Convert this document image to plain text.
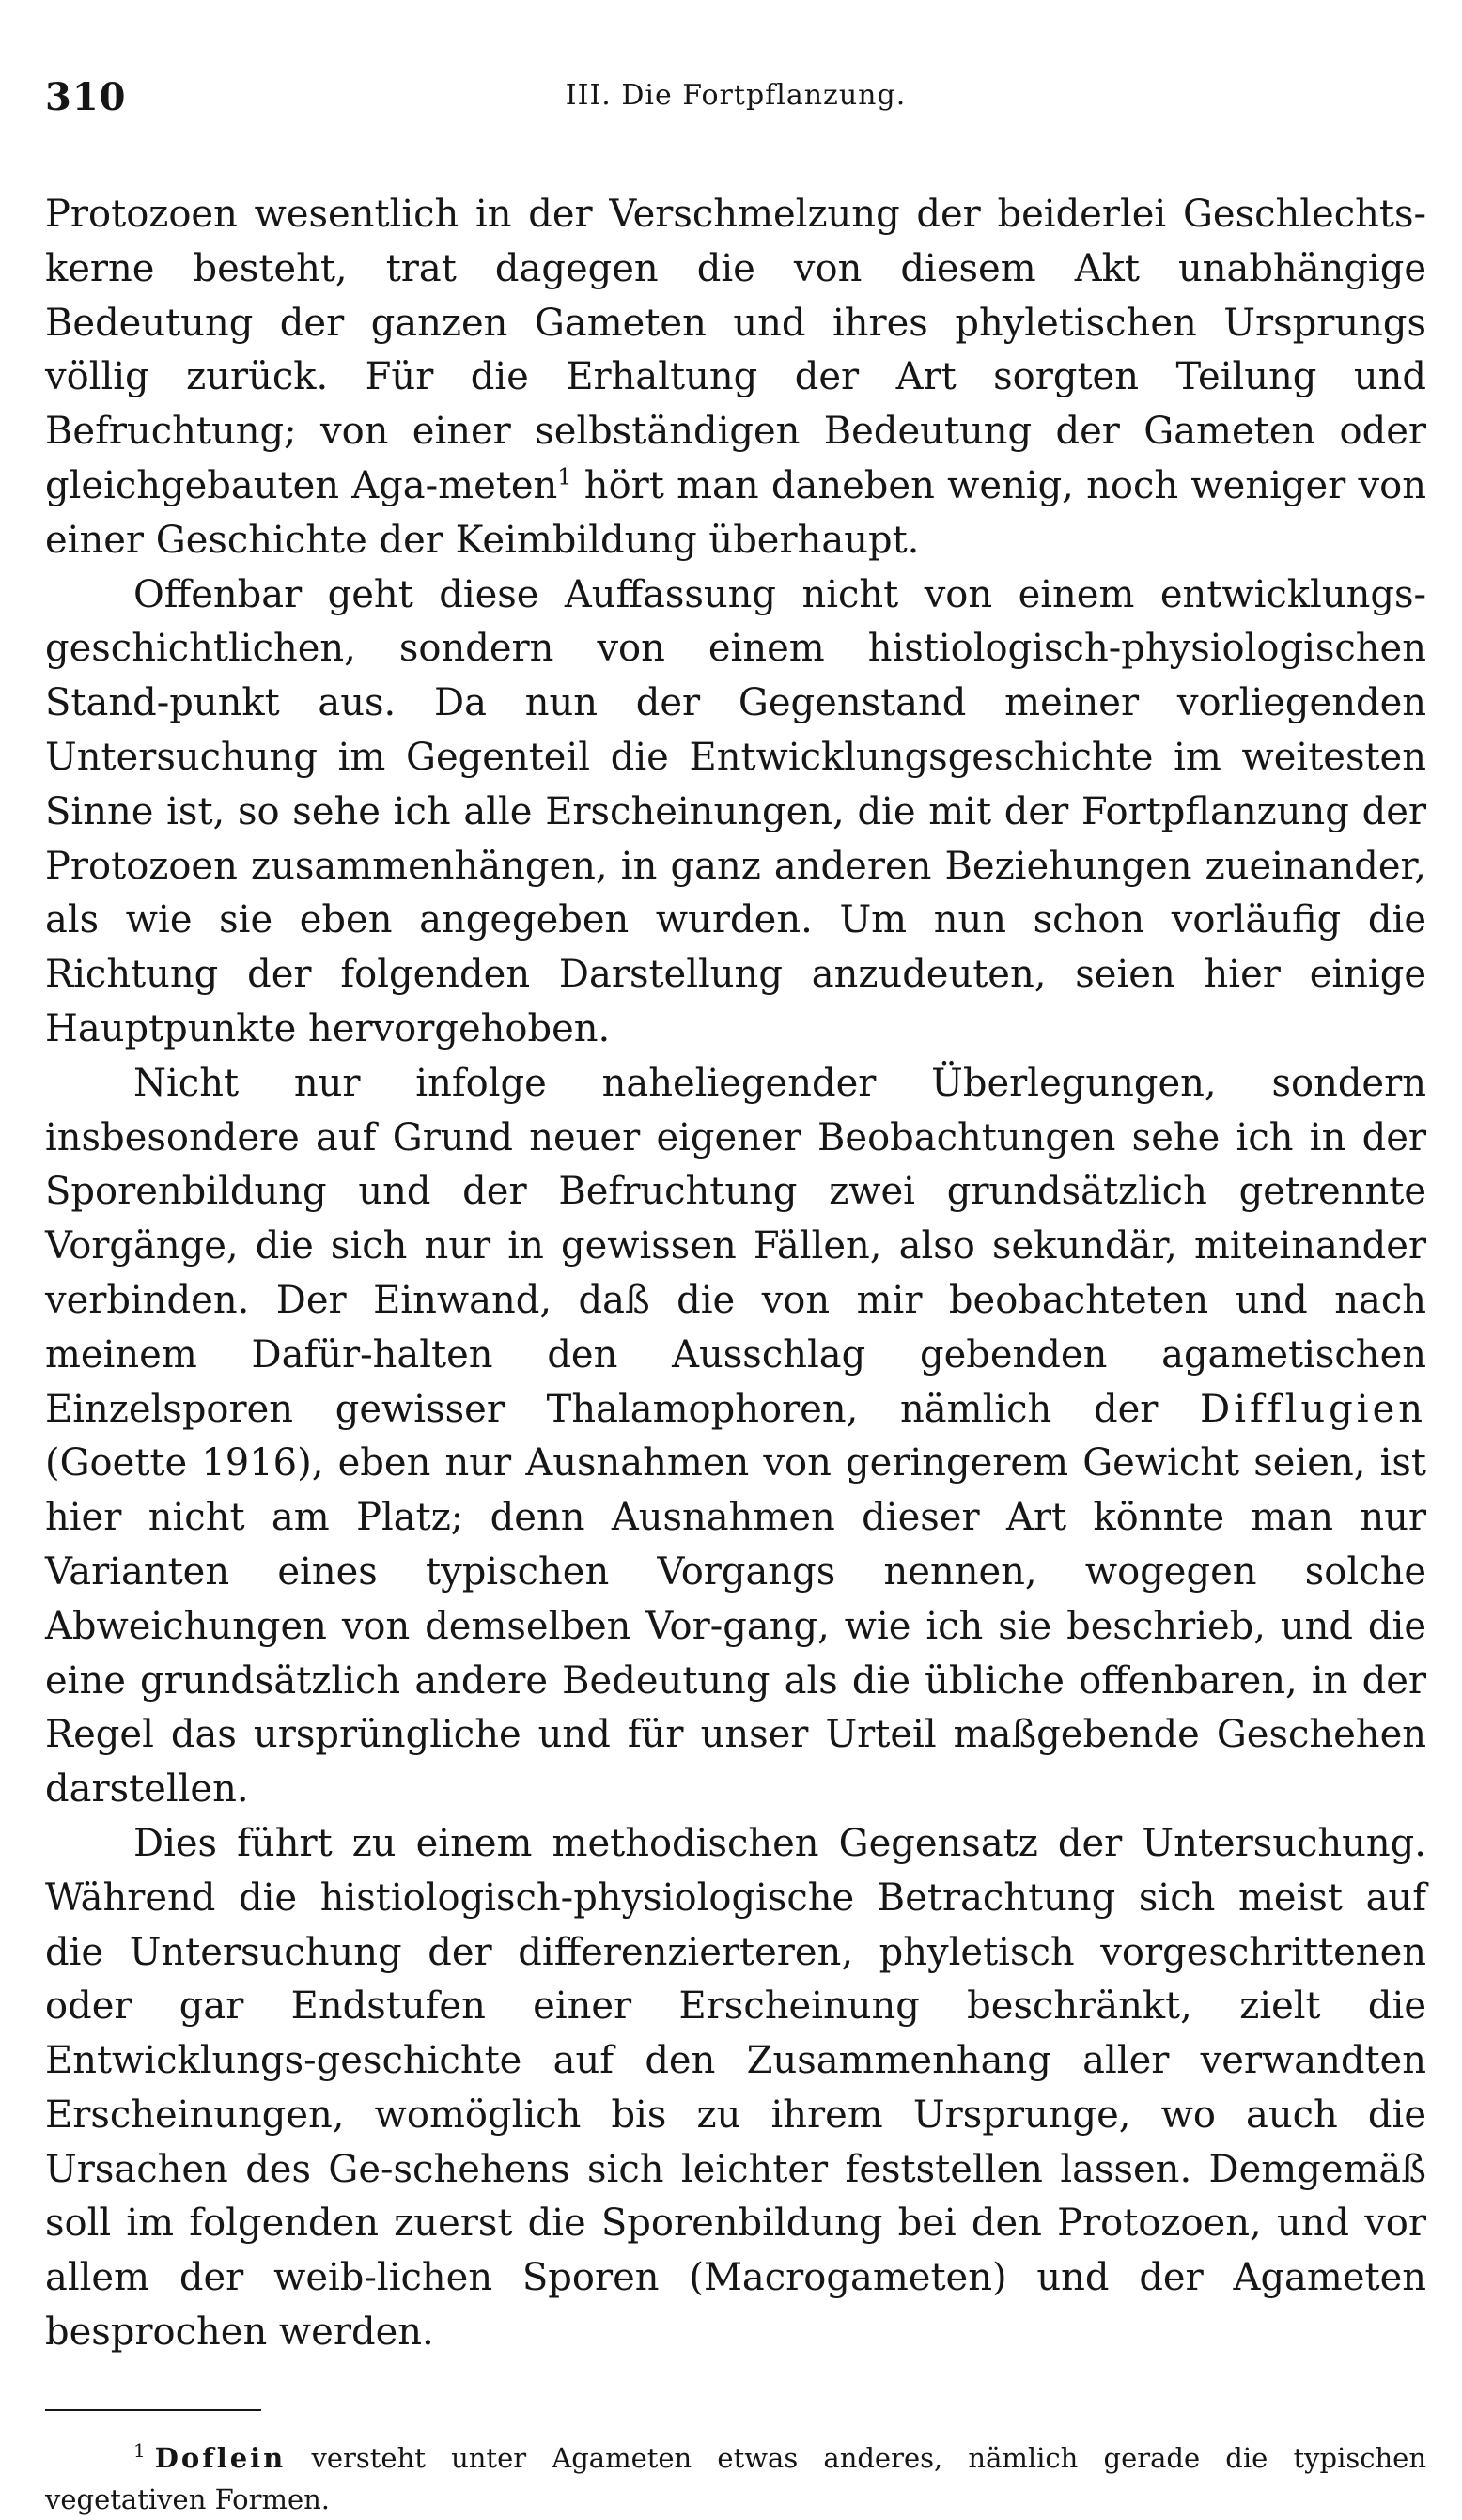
310	III. Die Fortpflanzung.

Protozoen wesentlich in der Verschmelzung der beiderlei Geschlechts-kerne besteht, trat dagegen die von diesem Akt unabhängige Bedeutung der ganzen Gameten und ihres phyletischen Ursprungs völlig zurück. Für die Erhaltung der Art sorgten Teilung und Befruchtung; von einer selbständigen Bedeutung der Gameten oder gleichgebauten Aga-meten$^1$ hört man daneben wenig, noch weniger von einer Geschichte der Keimbildung überhaupt.

Offenbar geht diese Auffassung nicht von einem entwicklungs-geschichtlichen, sondern von einem histiologisch-physiologischen Stand-punkt aus. Da nun der Gegenstand meiner vorliegenden Untersuchung im Gegenteil die Entwicklungsgeschichte im weitesten Sinne ist, so sehe ich alle Erscheinungen, die mit der Fortpflanzung der Protozoen zusammenhängen, in ganz anderen Beziehungen zueinander, als wie sie eben angegeben wurden. Um nun schon vorläufig die Richtung der folgenden Darstellung anzudeuten, seien hier einige Hauptpunkte hervorgehoben.

Nicht nur infolge naheliegender Überlegungen, sondern insbesondere auf Grund neuer eigener Beobachtungen sehe ich in der Sporenbildung und der Befruchtung zwei grundsätzlich getrennte Vorgänge, die sich nur in gewissen Fällen, also sekundär, miteinander verbinden. Der Einwand, daß die von mir beobachteten und nach meinem Dafür-halten den Ausschlag gebenden agametischen Einzelsporen gewisser Thalamophoren, nämlich der Difflugien (Goette 1916), eben nur Ausnahmen von geringerem Gewicht seien, ist hier nicht am Platz; denn Ausnahmen dieser Art könnte man nur Varianten eines typischen Vorgangs nennen, wogegen solche Abweichungen von demselben Vor-gang, wie ich sie beschrieb, und die eine grundsätzlich andere Bedeutung als die übliche offenbaren, in der Regel das ursprüngliche und für unser Urteil maßgebende Geschehen darstellen.

Dies führt zu einem methodischen Gegensatz der Untersuchung. Während die histiologisch-physiologische Betrachtung sich meist auf die Untersuchung der differenzierteren, phyletisch vorgeschrittenen oder gar Endstufen einer Erscheinung beschränkt, zielt die Entwicklungs-geschichte auf den Zusammenhang aller verwandten Erscheinungen, womöglich bis zu ihrem Ursprunge, wo auch die Ursachen des Ge-schehens sich leichter feststellen lassen. Demgemäß soll im folgenden zuerst die Sporenbildung bei den Protozoen, und vor allem der weib-lichen Sporen (Macrogameten) und der Agameten besprochen werden.

$^1$ Doflein versteht unter Agameten etwas anderes, nämlich gerade die typischen vegetativen Formen.
